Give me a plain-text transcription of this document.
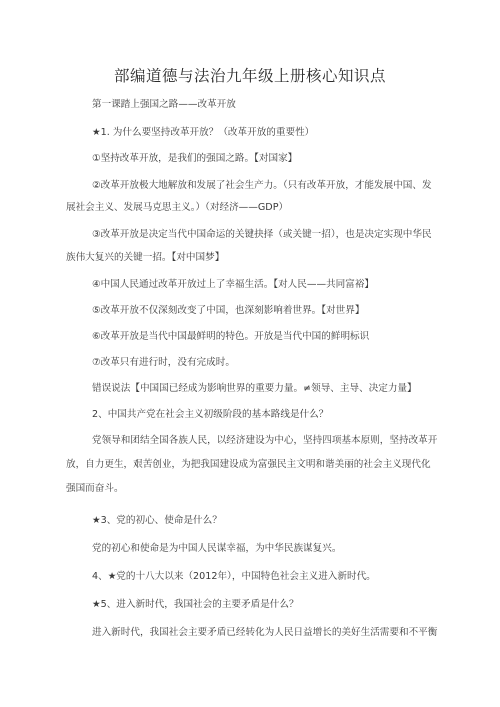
部编道德与法治九年级上册核心知识点
第一课踏上强国之路——改革开放
★1. 为什么要坚持改革开放？（改革开放的重要性）
①坚持改革开放，是我们的强国之路。【对国家】
②改革开放极大地解放和发展了社会生产力。（只有改革开放，才能发展中国、发
展社会主义、发展马克思主义。）（对经济——GDP）
③改革开放是决定当代中国命运的关键抉择（或关键一招），也是决定实现中华民
族伟大复兴的关键一招。【对中国梦】
④中国人民通过改革开放过上了幸福生活。【对人民——共同富裕】
⑤改革开放不仅深刻改变了中国，也深刻影响着世界。【对世界】
⑥改革开放是当代中国最鲜明的特色。开放是当代中国的鲜明标识
⑦改革只有进行时，没有完成时。
错误说法【中国国已经成为影响世界的重要力量。≠领导、主导、决定力量】
2、中国共产党在社会主义初级阶段的基本路线是什么？
党领导和团结全国各族人民，以经济建设为中心，坚持四项基本原则，坚持改革开
放，自力更生，艰苦创业，为把我国建设成为富强民主文明和谐美丽的社会主义现代化
强国而奋斗。
★3、党的初心、使命是什么？
党的初心和使命是为中国人民谋幸福，为中华民族谋复兴。
4、★党的十八大以来（2012年），中国特色社会主义进入新时代。
★5、进入新时代，我国社会的主要矛盾是什么？
进入新时代，我国社会主要矛盾已经转化为人民日益增长的美好生活需要和不平衡
